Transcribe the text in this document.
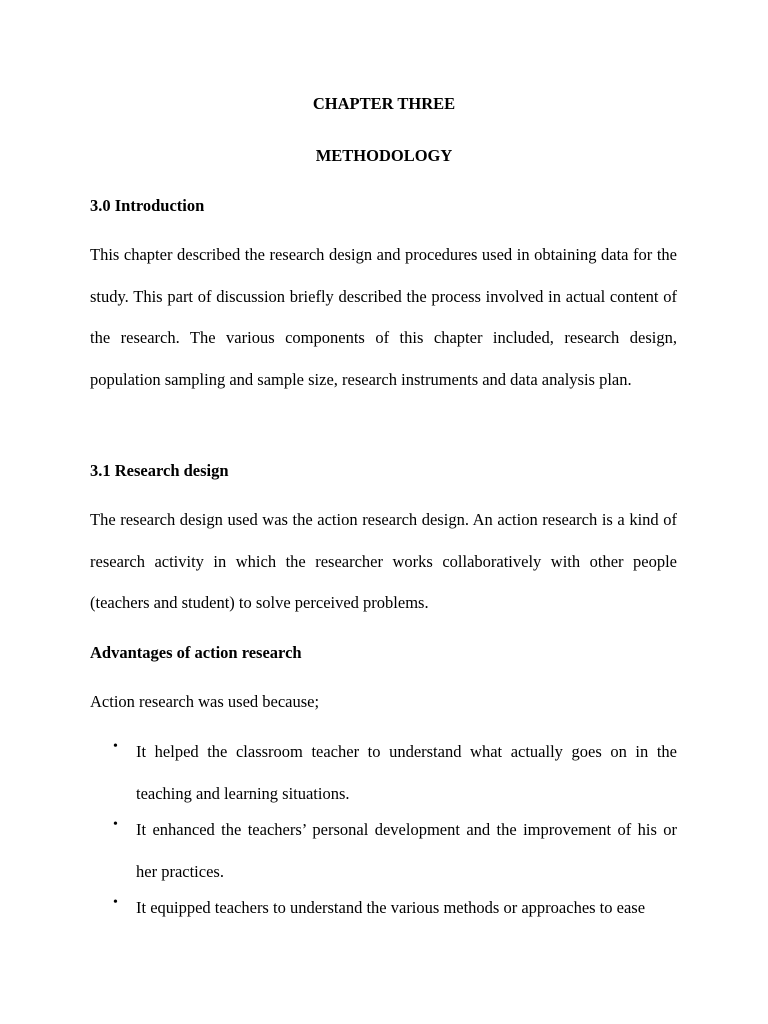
CHAPTER THREE
METHODOLOGY
3.0 Introduction

This chapter described the research design and procedures used in obtaining data for the study. This part of discussion briefly described the process involved in actual content of the research. The various components of this chapter included, research design, population sampling and sample size, research instruments and data analysis plan.

3.1 Research design

The research design used was the action research design. An action research is a kind of research activity in which the researcher works collaboratively with other people (teachers and student) to solve perceived problems.

Advantages of action research
Action research was used because;
• It helped the classroom teacher to understand what actually goes on in the teaching and learning situations.
• It enhanced the teachers’ personal development and the improvement of his or her practices.
• It equipped teachers to understand the various methods or approaches to ease
